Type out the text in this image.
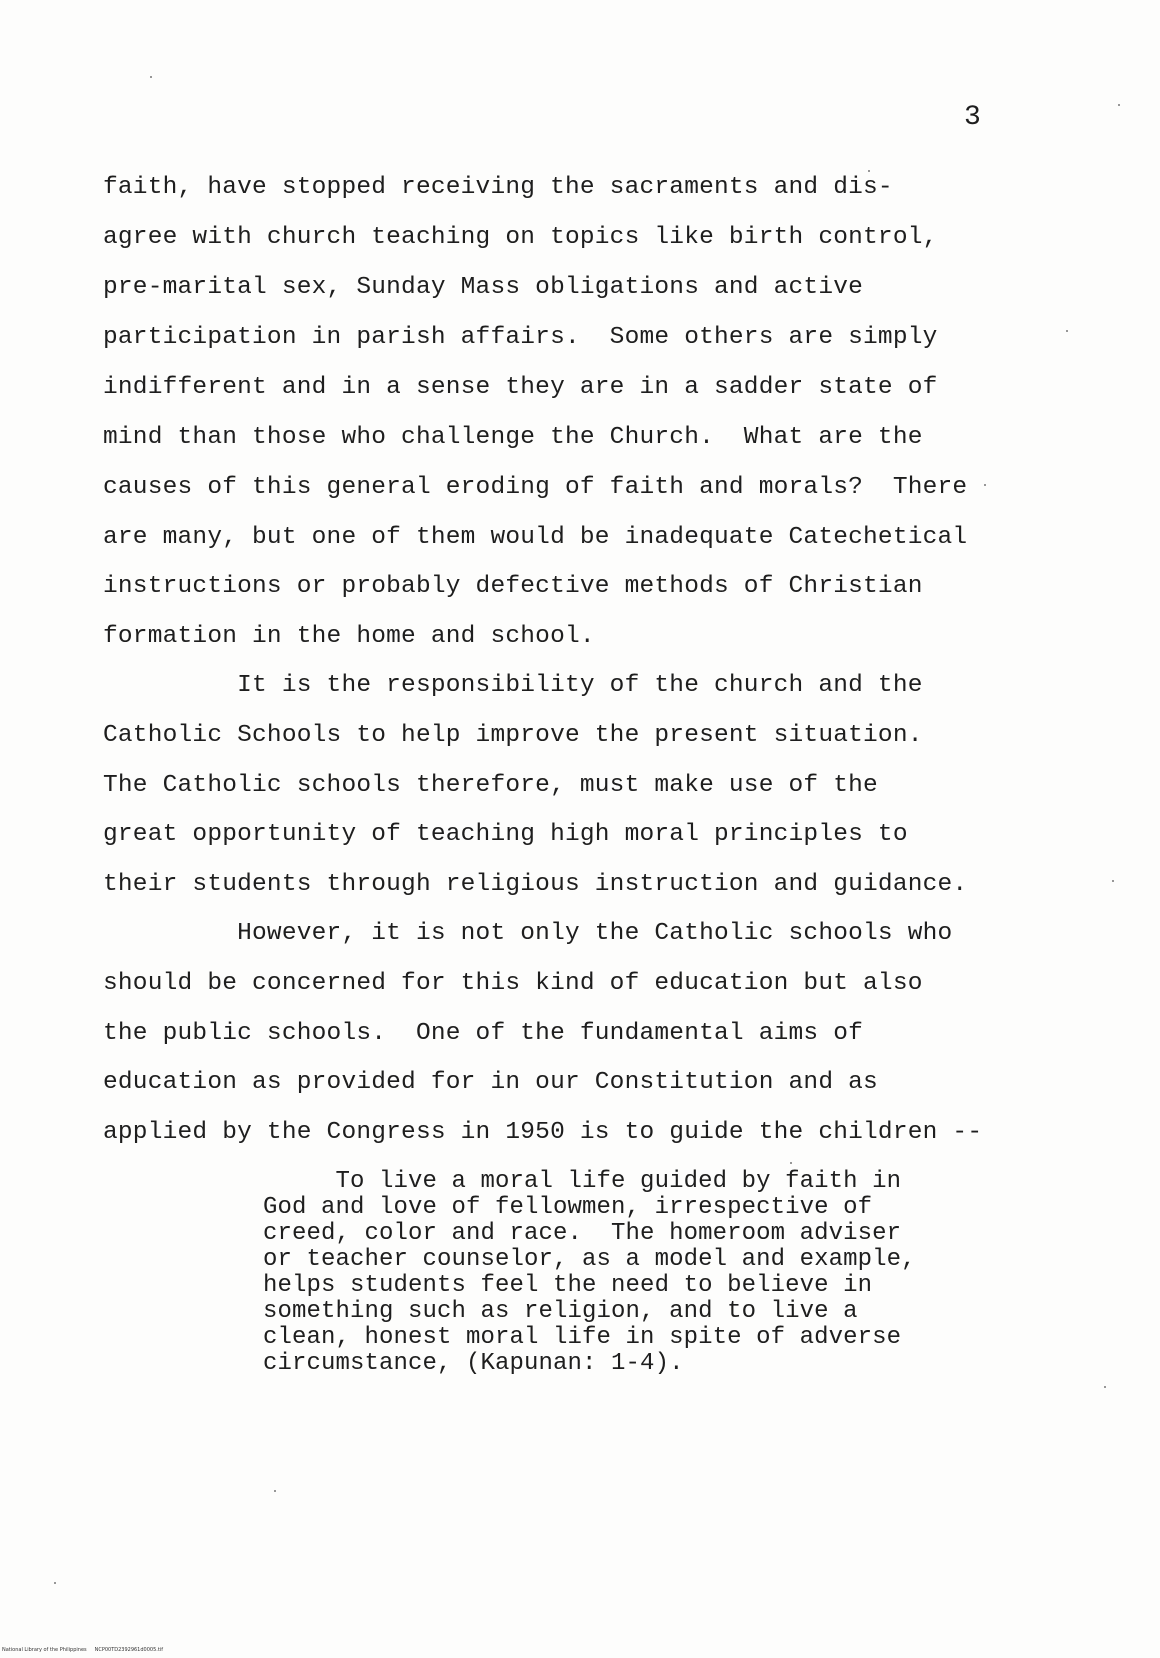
3
faith, have stopped receiving the sacraments and dis-
agree with church teaching on topics like birth control,
pre-marital sex, Sunday Mass obligations and active
participation in parish affairs.  Some others are simply
indifferent and in a sense they are in a sadder state of
mind than those who challenge the Church.  What are the
causes of this general eroding of faith and morals?  There
are many, but one of them would be inadequate Catechetical
instructions or probably defective methods of Christian
formation in the home and school.
It is the responsibility of the church and the
Catholic Schools to help improve the present situation.
The Catholic schools therefore, must make use of the
great opportunity of teaching high moral principles to
their students through religious instruction and guidance.
However, it is not only the Catholic schools who
should be concerned for this kind of education but also
the public schools.  One of the fundamental aims of
education as provided for in our Constitution and as
applied by the Congress in 1950 is to guide the children --
To live a moral life guided by faith in
God and love of fellowmen, irrespective of
creed, color and race.  The homeroom adviser
or teacher counselor, as a model and example,
helps students feel the need to believe in
something such as religion, and to live a
clean, honest moral life in spite of adverse
circumstance, (Kapunan: 1-4).
National Library of the Philippines     NCP00TD2392961d0005.tif
